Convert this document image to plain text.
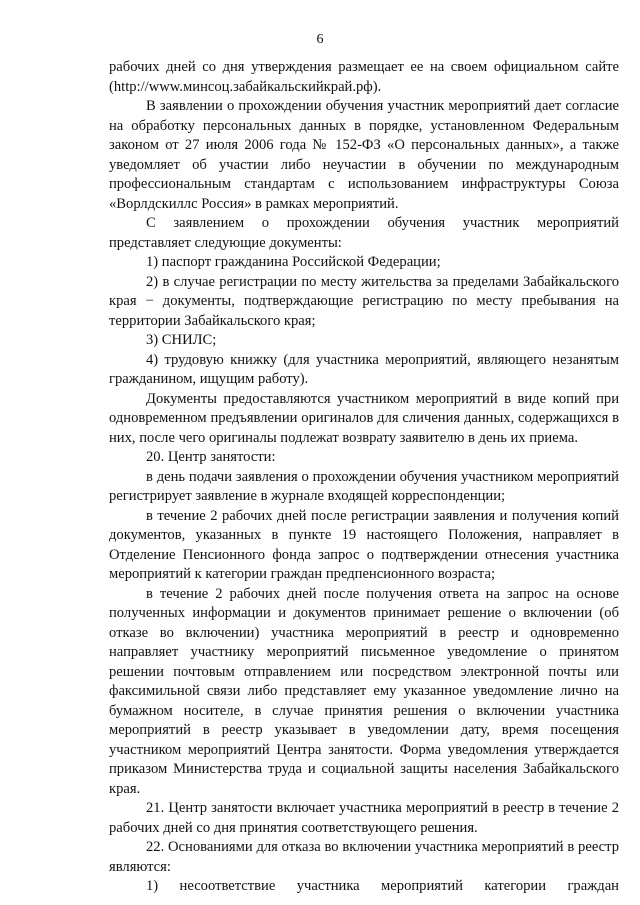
6

рабочих дней со дня утверждения размещает ее на своем официальном сайте (http://www.минсоц.забайкальскийкрай.рф).

В заявлении о прохождении обучения участник мероприятий дает согласие на обработку персональных данных в порядке, установленном Федеральным законом от 27 июля 2006 года № 152-ФЗ «О персональных данных», а также уведомляет об участии либо неучастии в обучении по международным профессиональным стандартам с использованием инфраструктуры Союза «Ворлдскиллс Россия» в рамках мероприятий.

С заявлением о прохождении обучения участник мероприятий представляет следующие документы:

1) паспорт гражданина Российской Федерации;

2) в случае регистрации по месту жительства за пределами Забайкальского края − документы, подтверждающие регистрацию по месту пребывания на территории Забайкальского края;

3) СНИЛС;

4) трудовую книжку (для участника мероприятий, являющего незанятым гражданином, ищущим работу).

Документы предоставляются участником мероприятий в виде копий при одновременном предъявлении оригиналов для сличения данных, содержащихся в них, после чего оригиналы подлежат возврату заявителю в день их приема.

20. Центр занятости:

в день подачи заявления о прохождении обучения участником мероприятий регистрирует заявление в журнале входящей корреспонденции;

в течение 2 рабочих дней после регистрации заявления и получения копий документов, указанных в пункте 19 настоящего Положения, направляет в Отделение Пенсионного фонда запрос о подтверждении отнесения участника мероприятий к категории граждан предпенсионного возраста;

в течение 2 рабочих дней после получения ответа на запрос на основе полученных информации и документов принимает решение о включении (об отказе во включении) участника мероприятий в реестр и одновременно направляет участнику мероприятий письменное уведомление о принятом решении почтовым отправлением или посредством электронной почты или факсимильной связи либо представляет ему указанное уведомление лично на бумажном носителе, в случае принятия решения о включении участника мероприятий в реестр указывает в уведомлении дату, время посещения участником мероприятий Центра занятости. Форма уведомления утверждается приказом Министерства труда и социальной защиты населения Забайкальского края.

21. Центр занятости включает участника мероприятий в реестр в течение 2 рабочих дней со дня принятия соответствующего решения.

22. Основаниями для отказа во включении участника мероприятий в реестр являются:

1) несоответствие участника мероприятий категории граждан
